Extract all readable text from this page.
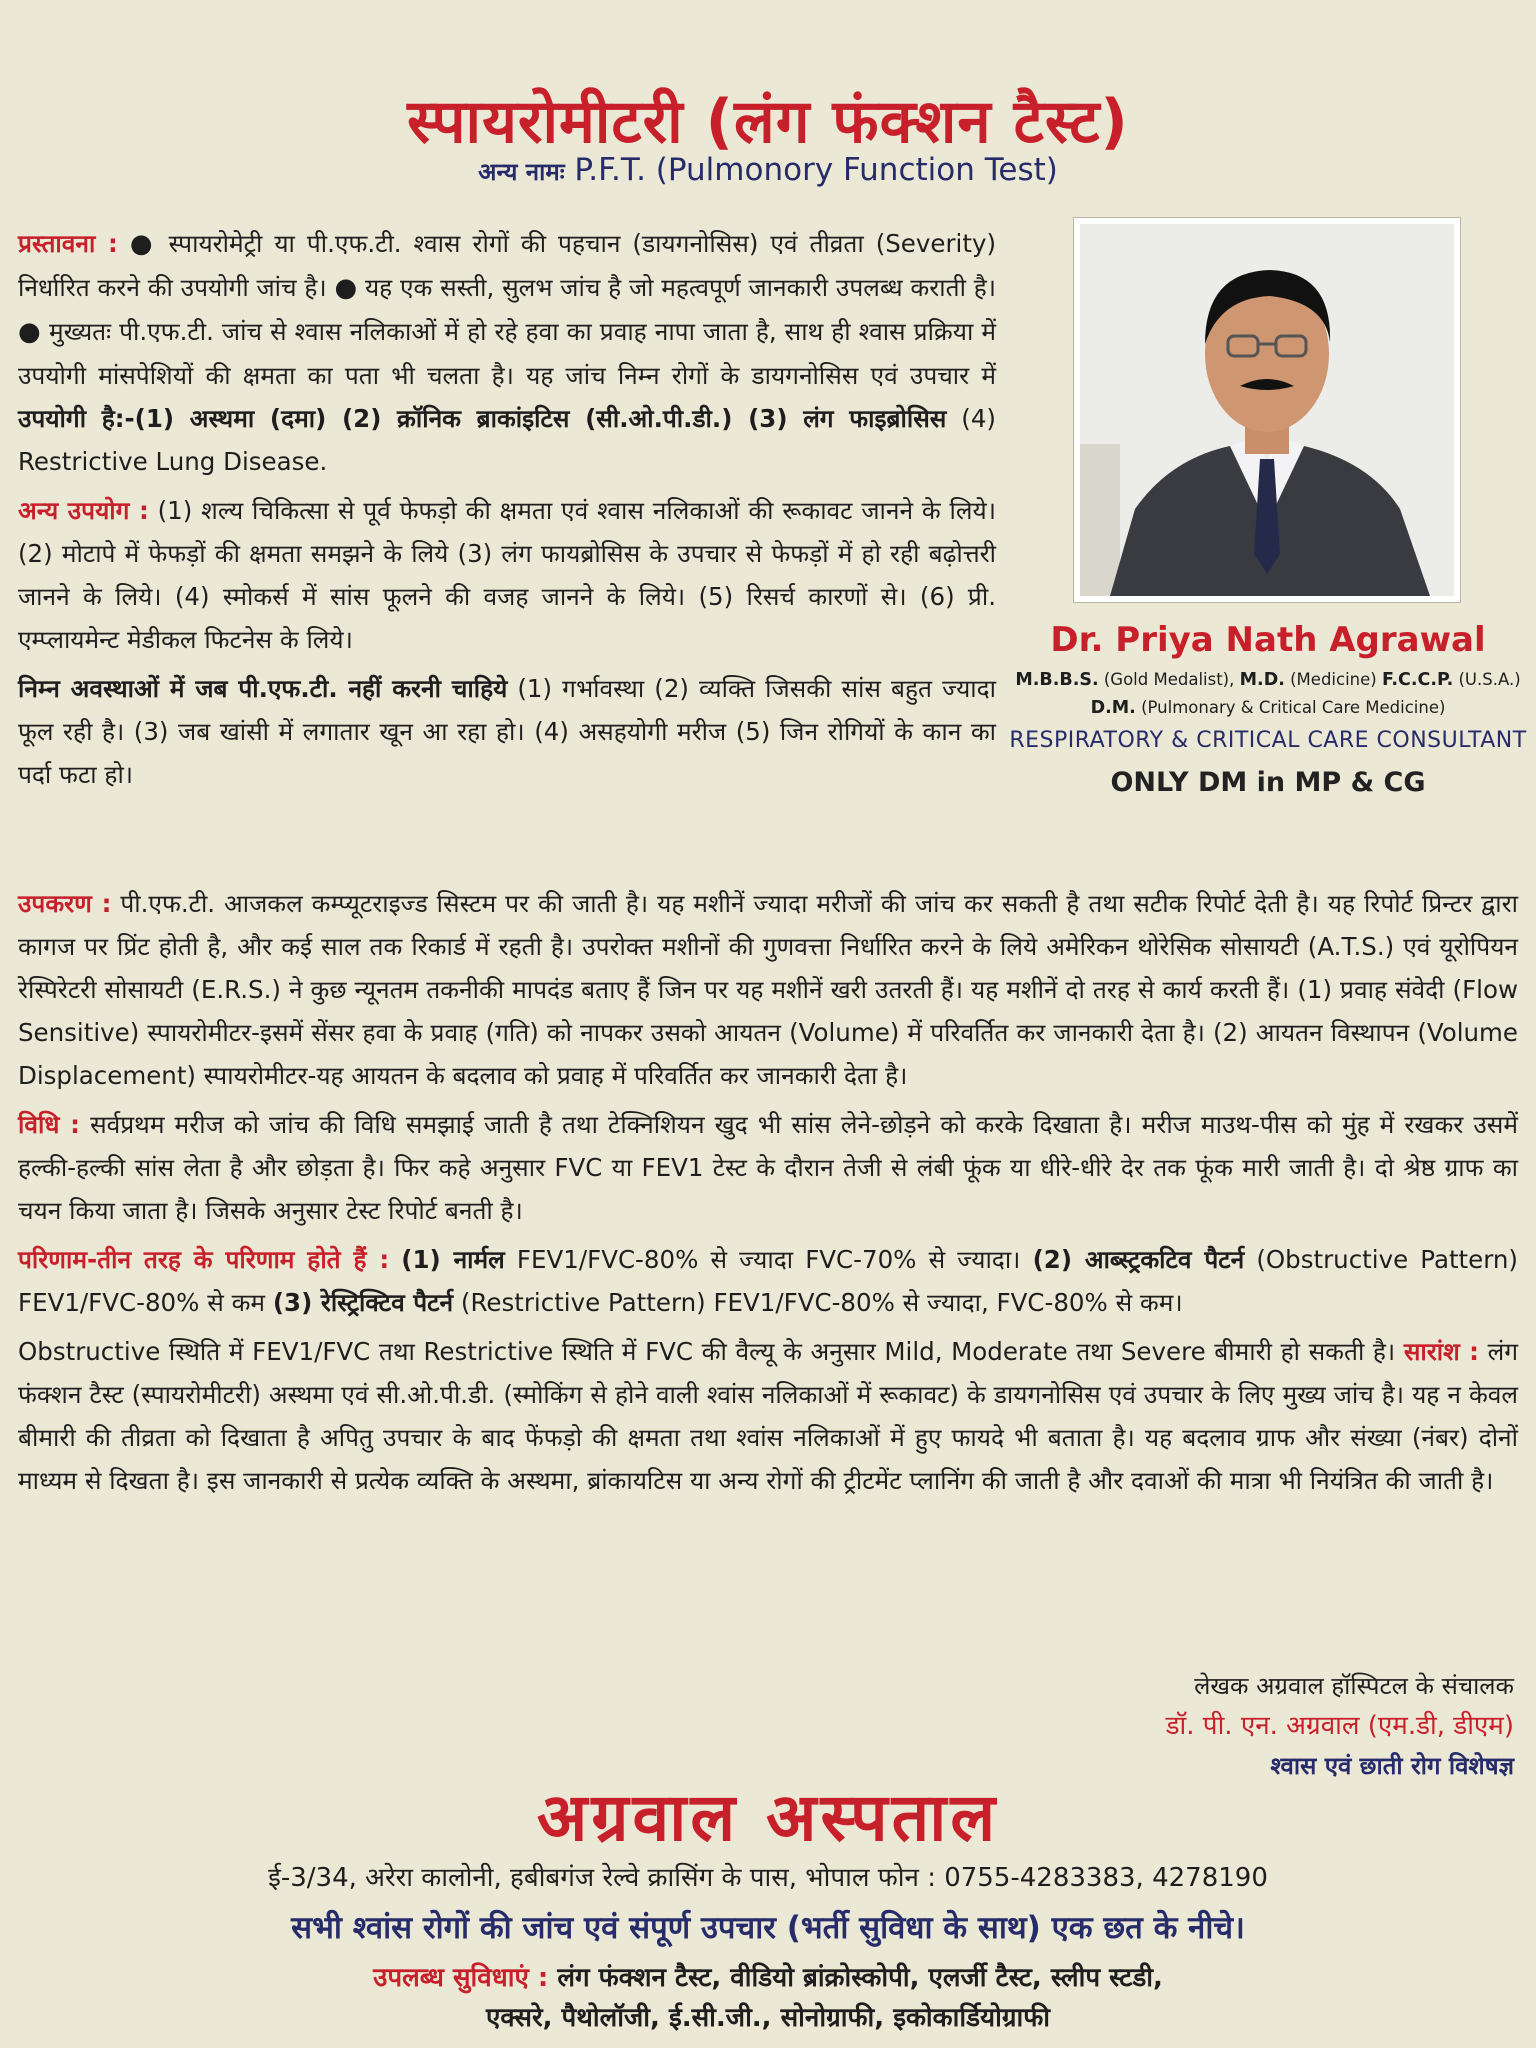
स्पायरोमीटरी (लंग फंक्शन टैस्ट)
अन्य नामः P.F.T. (Pulmonory Function Test)

प्रस्तावना : ● स्पायरोमेट्री या पी.एफ.टी. श्वास रोगों की पहचान (डायगनोसिस) एवं तीव्रता (Severity) निर्धारित करने की उपयोगी जांच है। ● यह एक सस्ती, सुलभ जांच है जो महत्वपूर्ण जानकारी उपलब्ध कराती है। ● मुख्यतः पी.एफ.टी. जांच से श्वास नलिकाओं में हो रहे हवा का प्रवाह नापा जाता है, साथ ही श्वास प्रक्रिया में उपयोगी मांसपेशियों की क्षमता का पता भी चलता है। यह जांच निम्न रोगों के डायगनोसिस एवं उपचार में उपयोगी है:-(1) अस्थमा (दमा) (2) क्रॉनिक ब्राकांइटिस (सी.ओ.पी.डी.) (3) लंग फाइब्रोसिस (4) Restrictive Lung Disease.

अन्य उपयोग : (1) शल्य चिकित्सा से पूर्व फेफड़ो की क्षमता एवं श्वास नलिकाओं की रूकावट जानने के लिये। (2) मोटापे में फेफड़ों की क्षमता समझने के लिये (3) लंग फायब्रोसिस के उपचार से फेफड़ों में हो रही बढ़ोत्तरी जानने के लिये। (4) स्मोकर्स में सांस फूलने की वजह जानने के लिये। (5) रिसर्च कारणों से। (6) प्री. एम्प्लायमेन्ट मेडीकल फिटनेस के लिये।

निम्न अवस्थाओं में जब पी.एफ.टी. नहीं करनी चाहिये (1) गर्भावस्था (2) व्यक्ति जिसकी सांस बहुत ज्यादा फूल रही है। (3) जब खांसी में लगातार खून आ रहा हो। (4) असहयोगी मरीज (5) जिन रोगियों के कान का पर्दा फटा हो।

Dr. Priya Nath Agrawal
M.B.B.S. (Gold Medalist), M.D. (Medicine) F.C.C.P. (U.S.A.)
D.M. (Pulmonary & Critical Care Medicine)
RESPIRATORY & CRITICAL CARE CONSULTANT
ONLY DM in MP & CG

उपकरण : पी.एफ.टी. आजकल कम्प्यूटराइज्ड सिस्टम पर की जाती है। यह मशीनें ज्यादा मरीजों की जांच कर सकती है तथा सटीक रिपोर्ट देती है। यह रिपोर्ट प्रिन्टर द्वारा कागज पर प्रिंट होती है, और कई साल तक रिकार्ड में रहती है। उपरोक्त मशीनों की गुणवत्ता निर्धारित करने के लिये अमेरिकन थोरेसिक सोसायटी (A.T.S.) एवं यूरोपियन रेस्पिरेटरी सोसायटी (E.R.S.) ने कुछ न्यूनतम तकनीकी मापदंड बताए हैं जिन पर यह मशीनें खरी उतरती हैं। यह मशीनें दो तरह से कार्य करती हैं। (1) प्रवाह संवेदी (Flow Sensitive) स्पायरोमीटर-इसमें सेंसर हवा के प्रवाह (गति) को नापकर उसको आयतन (Volume) में परिवर्तित कर जानकारी देता है। (2) आयतन विस्थापन (Volume Displacement) स्पायरोमीटर-यह आयतन के बदलाव को प्रवाह में परिवर्तित कर जानकारी देता है।

विधि : सर्वप्रथम मरीज को जांच की विधि समझाई जाती है तथा टेक्निशियन खुद भी सांस लेने-छोड़ने को करके दिखाता है। मरीज माउथ-पीस को मुंह में रखकर उसमें हल्की-हल्की सांस लेता है और छोड़ता है। फिर कहे अनुसार FVC या FEV1 टेस्ट के दौरान तेजी से लंबी फूंक या धीरे-धीरे देर तक फूंक मारी जाती है। दो श्रेष्ठ ग्राफ का चयन किया जाता है। जिसके अनुसार टेस्ट रिपोर्ट बनती है।

परिणाम-तीन तरह के परिणाम होते हैं : (1) नार्मल FEV1/FVC-80% से ज्यादा FVC-70% से ज्यादा। (2) आब्स्ट्रकटिव पैटर्न (Obstructive Pattern) FEV1/FVC-80% से कम (3) रेस्ट्रिक्टिव पैटर्न (Restrictive Pattern) FEV1/FVC-80% से ज्यादा, FVC-80% से कम।

Obstructive स्थिति में FEV1/FVC तथा Restrictive स्थिति में FVC की वैल्यू के अनुसार Mild, Moderate तथा Severe बीमारी हो सकती है। सारांश : लंग फंक्शन टैस्ट (स्पायरोमीटरी) अस्थमा एवं सी.ओ.पी.डी. (स्मोकिंग से होने वाली श्वांस नलिकाओं में रूकावट) के डायगनोसिस एवं उपचार के लिए मुख्य जांच है। यह न केवल बीमारी की तीव्रता को दिखाता है अपितु उपचार के बाद फेंफड़ो की क्षमता तथा श्वांस नलिकाओं में हुए फायदे भी बताता है। यह बदलाव ग्राफ और संख्या (नंबर) दोनों माध्यम से दिखता है। इस जानकारी से प्रत्येक व्यक्ति के अस्थमा, ब्रांकायटिस या अन्य रोगों की ट्रीटमेंट प्लानिंग की जाती है और दवाओं की मात्रा भी नियंत्रित की जाती है।

लेखक अग्रवाल हॉस्पिटल के संचालक
डॉ. पी. एन. अग्रवाल (एम.डी, डीएम)
श्वास एवं छाती रोग विशेषज्ञ
अग्रवाल अस्पताल
ई-3/34, अरेरा कालोनी, हबीबगंज रेल्वे क्रासिंग के पास, भोपाल फोन : 0755-4283383, 4278190
सभी श्वांस रोगों की जांच एवं संपूर्ण उपचार (भर्ती सुविधा के साथ) एक छत के नीचे।
उपलब्ध सुविधाएं : लंग फंक्शन टैस्ट, वीडियो ब्रांक्रोस्कोपी, एलर्जी टैस्ट, स्लीप स्टडी,
एक्सरे, पैथोलॉजी, ई.सी.जी., सोनोग्राफी, इकोकार्डियोग्राफी
